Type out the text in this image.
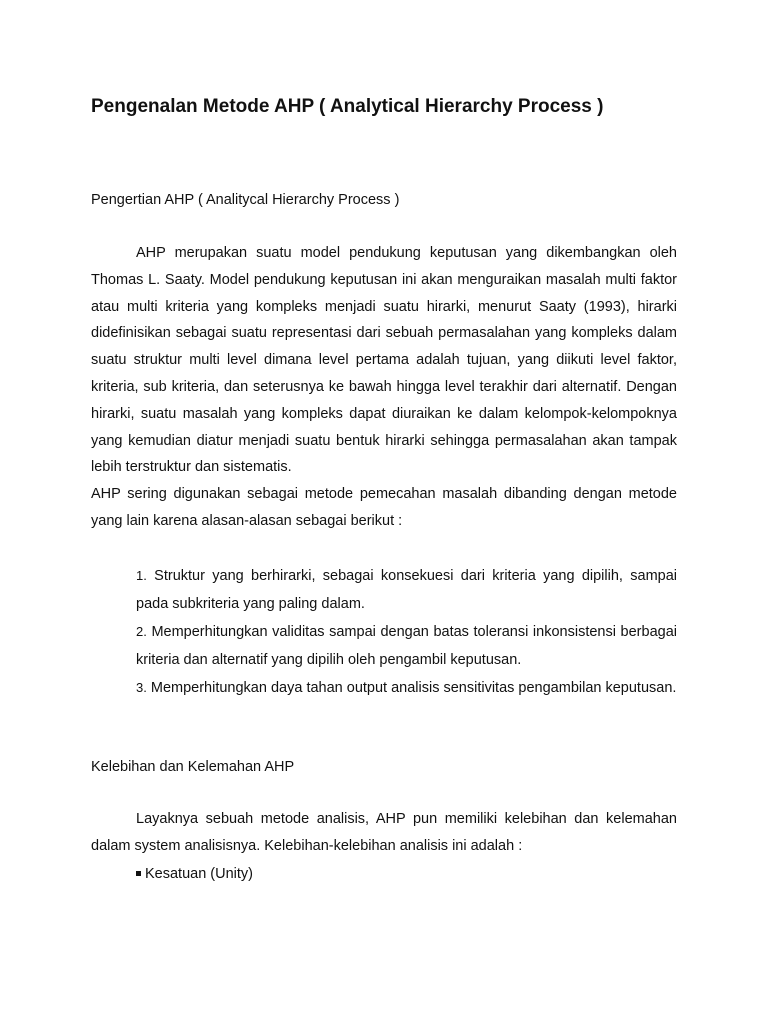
Pengenalan Metode AHP ( Analytical Hierarchy Process )

Pengertian AHP ( Analitycal Hierarchy Process )

AHP merupakan suatu model pendukung keputusan yang dikembangkan oleh Thomas L. Saaty. Model pendukung keputusan ini akan menguraikan masalah multi faktor atau multi kriteria yang kompleks menjadi suatu hirarki, menurut Saaty (1993), hirarki didefinisikan sebagai suatu representasi dari sebuah permasalahan yang kompleks dalam suatu struktur multi level dimana level pertama adalah tujuan, yang diikuti level faktor, kriteria, sub kriteria, dan seterusnya ke bawah hingga level terakhir dari alternatif. Dengan hirarki, suatu masalah yang kompleks dapat diuraikan ke dalam kelompok-kelompoknya yang kemudian diatur menjadi suatu bentuk hirarki sehingga permasalahan akan tampak lebih terstruktur dan sistematis.

AHP sering digunakan sebagai metode pemecahan masalah dibanding dengan metode yang lain karena alasan-alasan sebagai berikut :

1. Struktur yang berhirarki, sebagai konsekuesi dari kriteria yang dipilih, sampai pada subkriteria yang paling dalam.
2. Memperhitungkan validitas sampai dengan batas toleransi inkonsistensi berbagai kriteria dan alternatif yang dipilih oleh pengambil keputusan.
3. Memperhitungkan daya tahan output analisis sensitivitas pengambilan keputusan.

Kelebihan dan Kelemahan AHP

Layaknya sebuah metode analisis, AHP pun memiliki kelebihan dan kelemahan dalam system analisisnya. Kelebihan-kelebihan analisis ini adalah :

Kesatuan (Unity)
